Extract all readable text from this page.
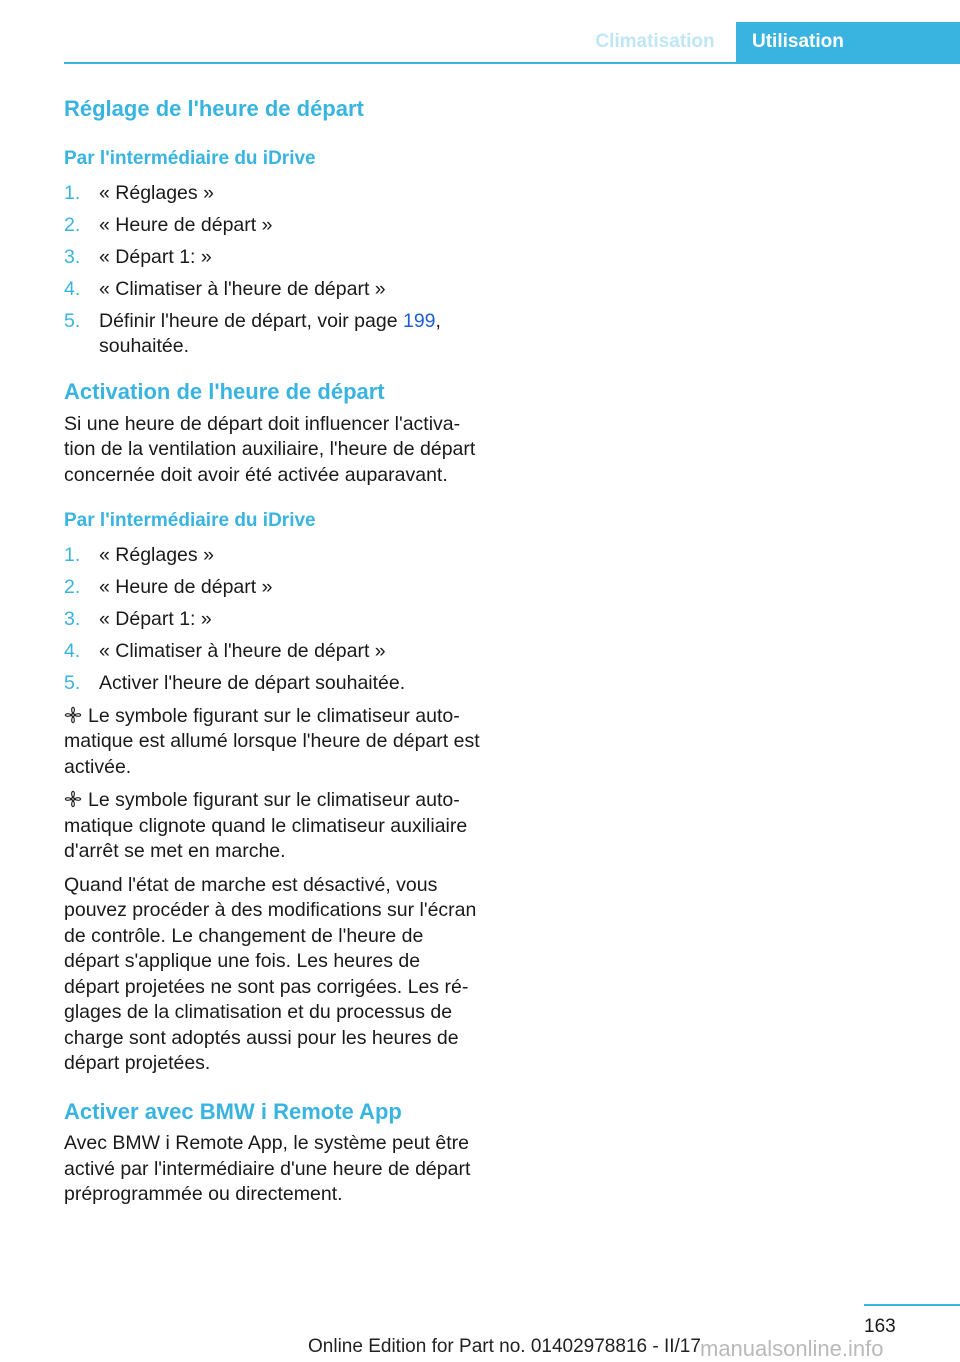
Climatisation	Utilisation
Réglage de l'heure de départ
Par l'intermédiaire du iDrive
1. « Réglages »
2. « Heure de départ »
3. « Départ 1: »
4. « Climatiser à l'heure de départ »
5. Définir l'heure de départ, voir page 199, souhaitée.
Activation de l'heure de départ

Si une heure de départ doit influencer l'activation de la ventilation auxiliaire, l'heure de départ concernée doit avoir été activée auparavant.

Par l'intermédiaire du iDrive
1. « Réglages »
2. « Heure de départ »
3. « Départ 1: »
4. « Climatiser à l'heure de départ »
5. Activer l'heure de départ souhaitée.

Le symbole figurant sur le climatiseur automatique est allumé lorsque l'heure de départ est activée.

Le symbole figurant sur le climatiseur automatique clignote quand le climatiseur auxiliaire d'arrêt se met en marche.

Quand l'état de marche est désactivé, vous pouvez procéder à des modifications sur l'écran de contrôle. Le changement de l'heure de départ s'applique une fois. Les heures de départ projetées ne sont pas corrigées. Les réglages de la climatisation et du processus de charge sont adoptés aussi pour les heures de départ projetées.

Activer avec BMW i Remote App

Avec BMW i Remote App, le système peut être activé par l'intermédiaire d'une heure de départ préprogrammée ou directement.

163
Online Edition for Part no. 01402978816 - II/17 manualsonline.info
